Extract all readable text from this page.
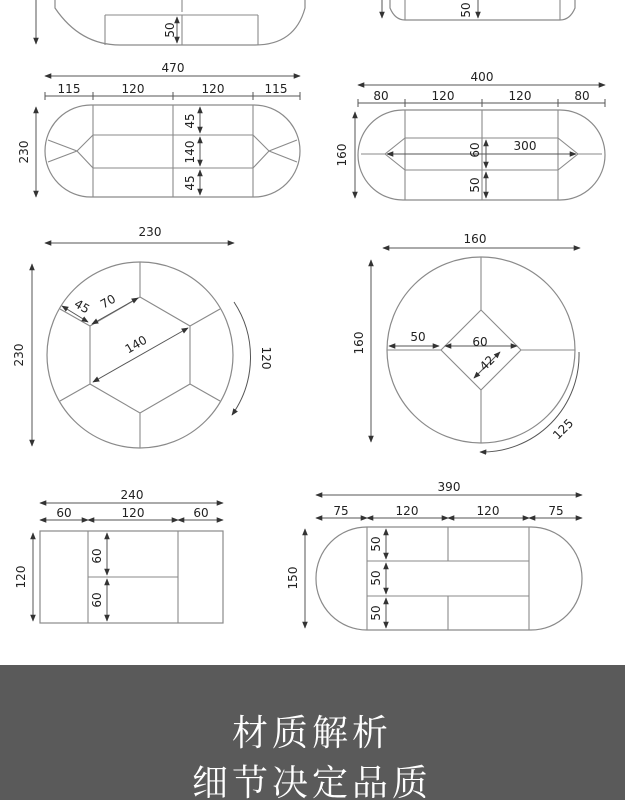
50
50
470
115	120	120	115
45
140
45
230
400
80	120	120	80
300
60
50
160
230
45 70
140
120
230
160
50	60
42
125
160
240
60	120	60
60
60
120
390
75	120	120	75
50
50
50
150
材质解析
细节决定品质
